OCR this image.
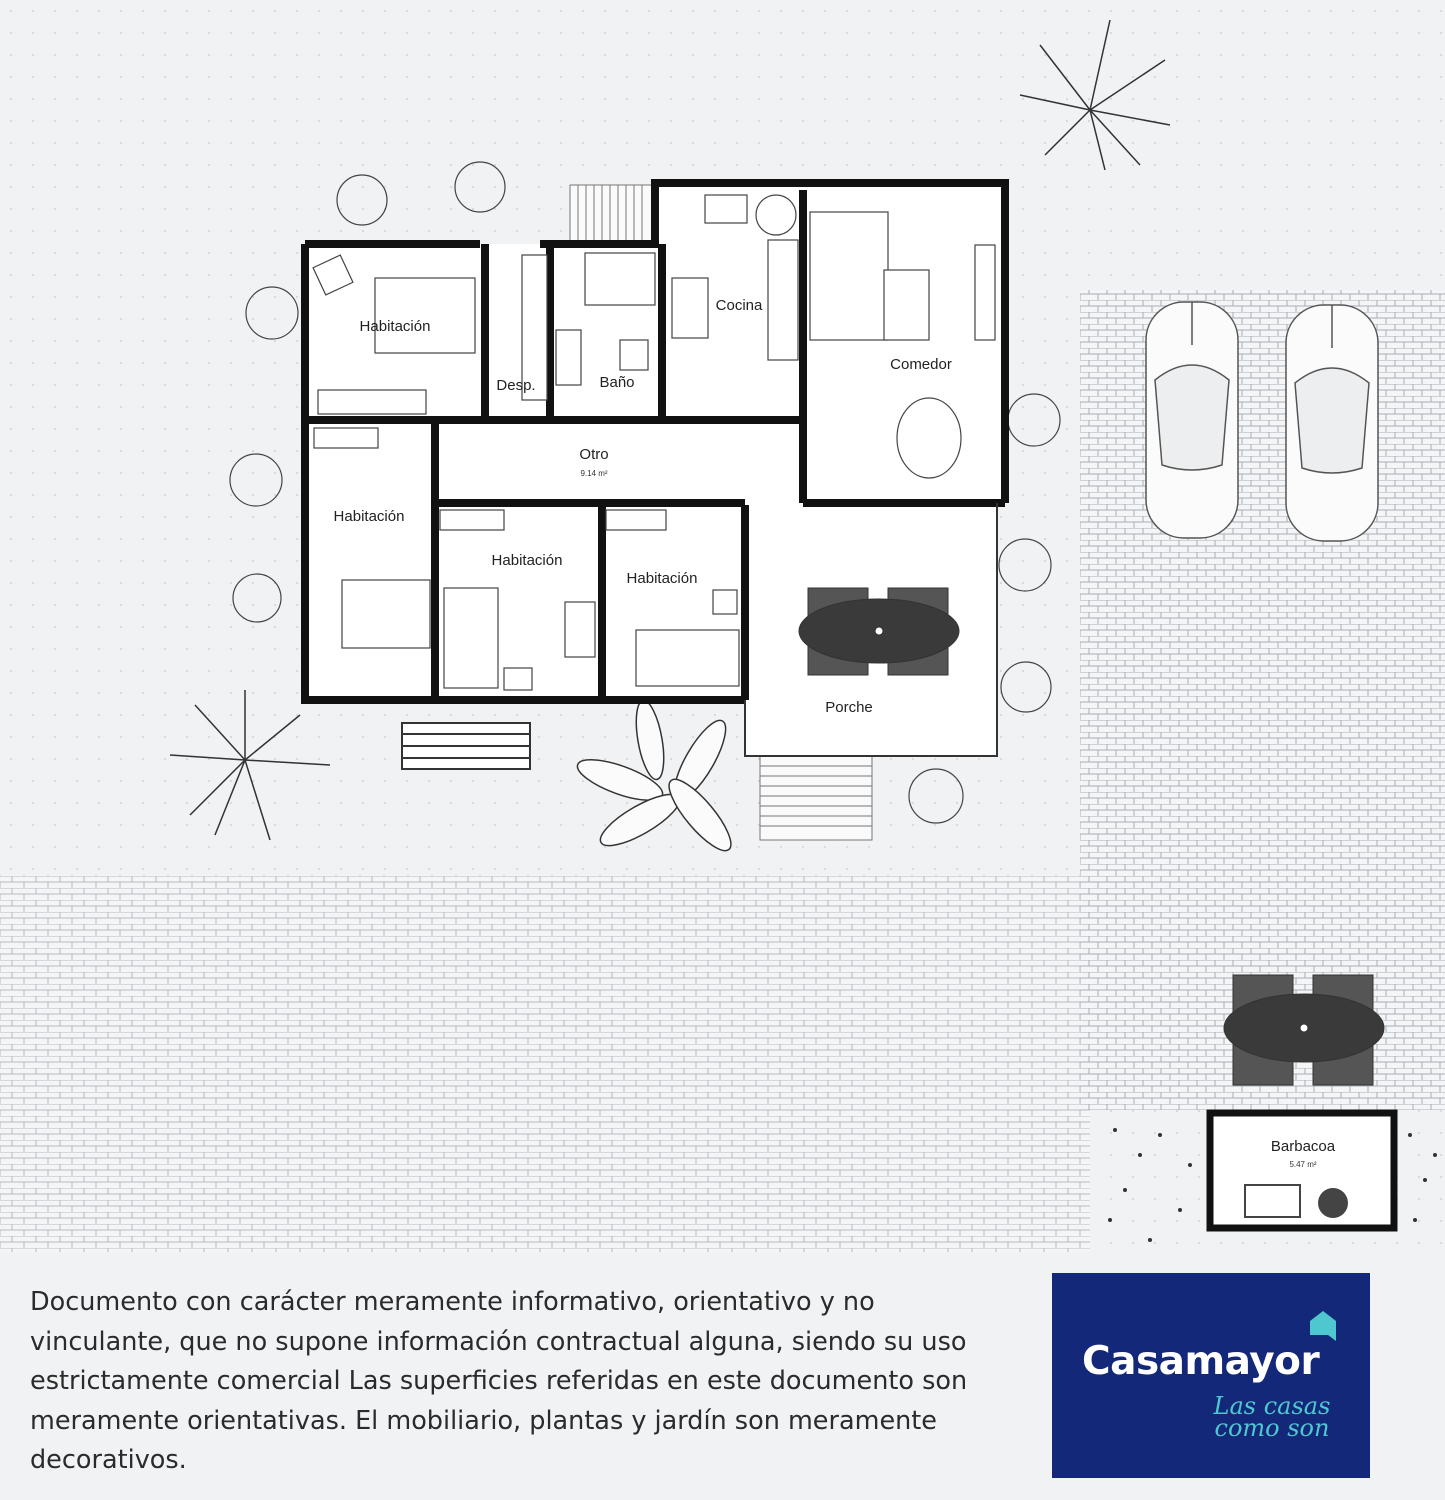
Barbacoa
5.47 m²
Habitación
Desp.	Baño
Cocina
Comedor
Otro
9.14 m²
Habitación
Habitación
Habitación
Porche

Documento con carácter meramente informativo, orientativo y no vinculante, que no supone información contractual alguna, siendo su uso estrictamente comercial Las superficies referidas en este documento son meramente orientativas. El mobiliario, plantas y jardín son meramente decorativos.

Casamayor
Las casas
como son
